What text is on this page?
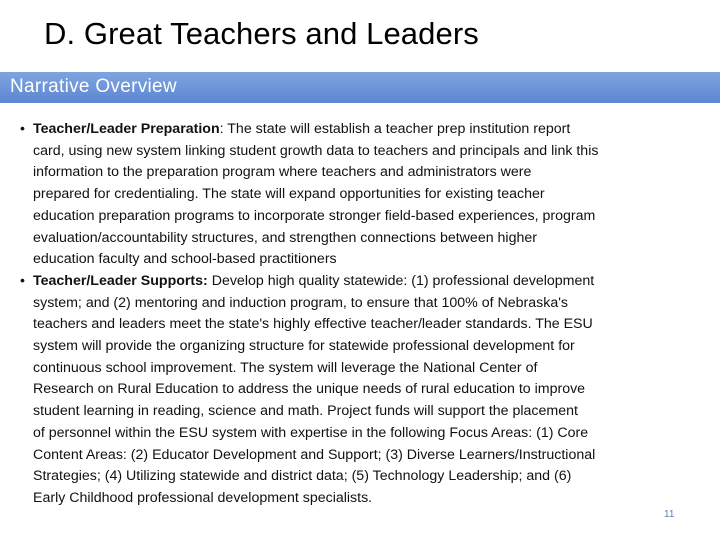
D. Great Teachers and Leaders
Narrative Overview
• Teacher/Leader Preparation: The state will establish a teacher prep institution report
card, using new system linking student growth data to teachers and principals and link this
information to the preparation program where teachers and administrators were
prepared for credentialing. The state will expand opportunities for existing teacher
education preparation programs to incorporate stronger field-based experiences, program
evaluation/accountability structures, and strengthen connections between higher
education faculty and school-based practitioners
• Teacher/Leader Supports: Develop high quality statewide: (1) professional development
system; and (2) mentoring and induction program, to ensure that 100% of Nebraska's
teachers and leaders meet the state's highly effective teacher/leader standards. The ESU
system will provide the organizing structure for statewide professional development for
continuous school improvement. The system will leverage the National Center of
Research on Rural Education to address the unique needs of rural education to improve
student learning in reading, science and math. Project funds will support the placement
of personnel within the ESU system with expertise in the following Focus Areas: (1) Core
Content Areas: (2) Educator Development and Support; (3) Diverse Learners/Instructional
Strategies; (4) Utilizing statewide and district data; (5) Technology Leadership; and (6)
Early Childhood professional development specialists.
11
